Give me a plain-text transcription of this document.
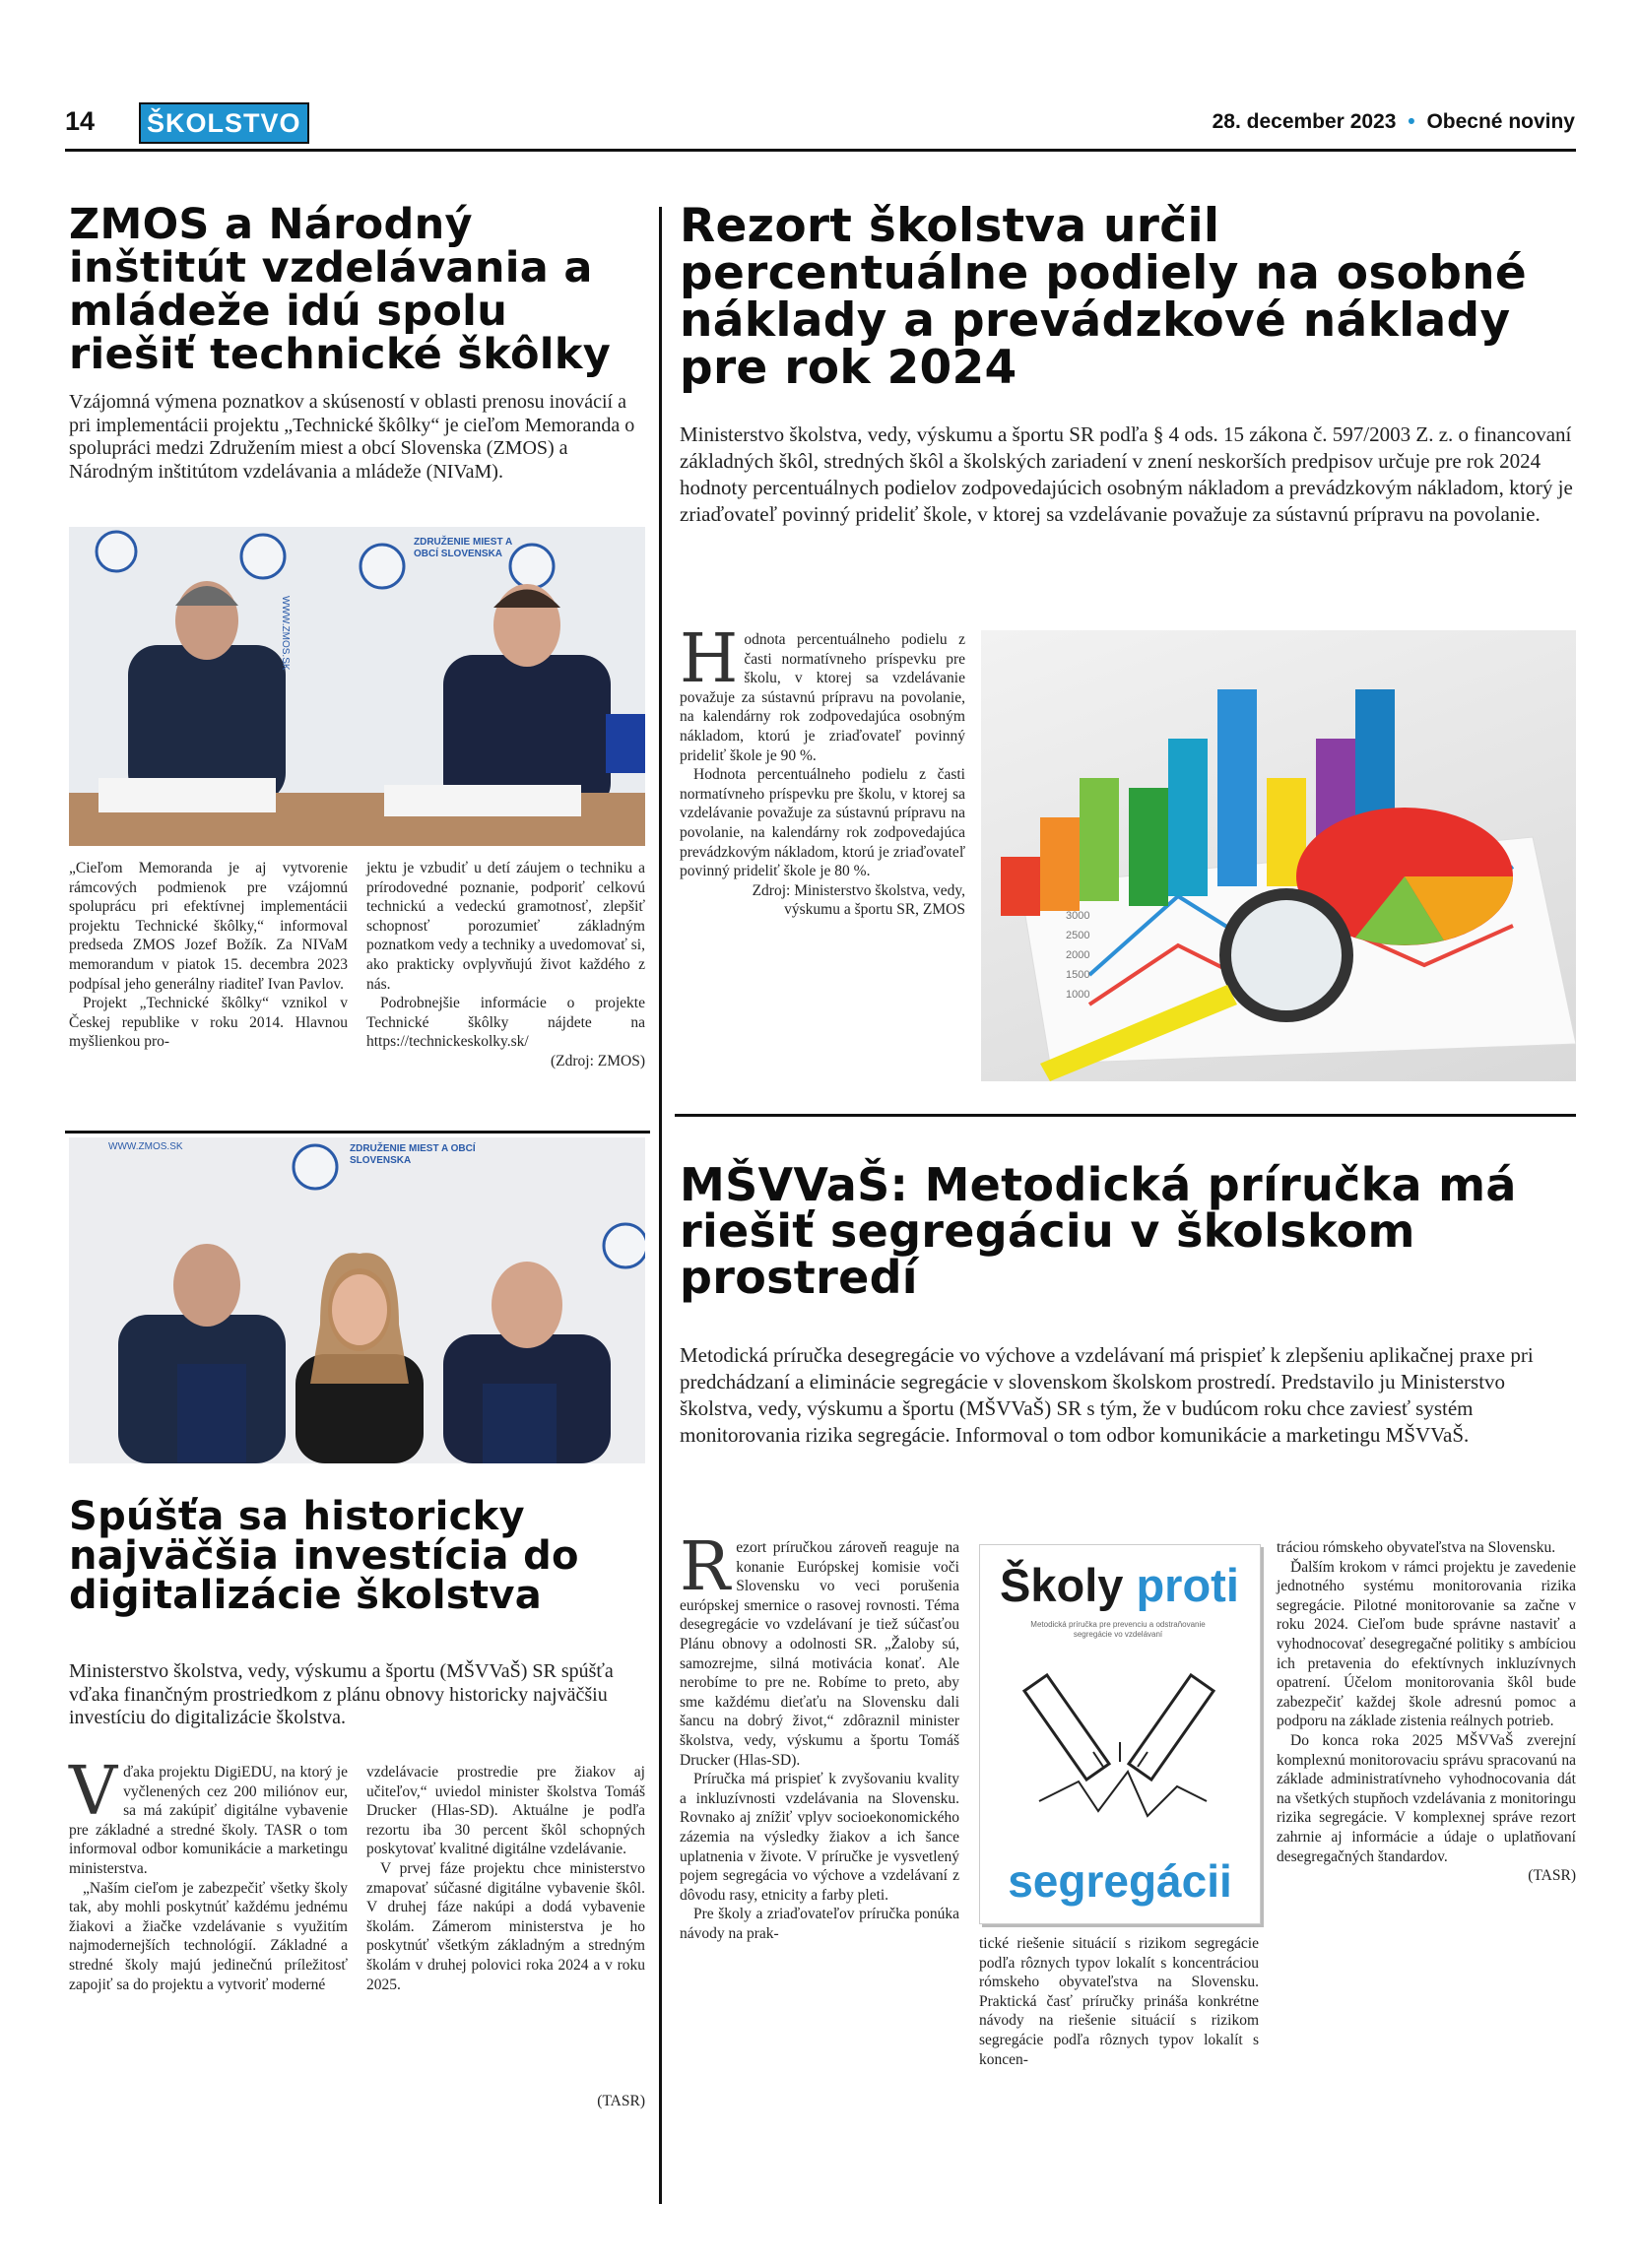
14 ŠKOLSTVO	28. december 2023 • Obecné noviny
ZMOS a Národný inštitút vzdelávania a mládeže idú spolu riešiť technické škôlky
Vzájomná výmena poznatkov a skúseností v oblasti prenosu inovácií a pri implementácii projektu „Technické škôlky“ je cieľom Memoranda o spolupráci medzi Združením miest a obcí Slovenska (ZMOS) a Národným inštitútom vzdelávania a mládeže (NIVaM).
ZDRUŽENIE MIEST A OBCÍ SLOVENSKA
WWW.ZMOS.SK

„Cieľom Memoranda je aj vytvorenie rámcových podmienok pre vzájomnú spoluprácu pri efektívnej implementácii projektu Technické škôlky,“ informoval predseda ZMOS Jozef Božík. Za NIVaM memorandum v piatok 15. decembra 2023 podpísal jeho generálny riaditeľ Ivan Pavlov.

Projekt „Technické škôlky“ vznikol v Českej republike v roku 2014. Hlavnou myšlienkou pro-

jektu je vzbudiť u detí záujem o techniku a prírodovedné poznanie, podporiť celkovú technickú a vedeckú gramotnosť, zlepšiť schopnosť porozumieť základným poznatkom vedy a techniky a uvedomovať si, ako prakticky ovplyvňujú život každého z nás.

Podrobnejšie informácie o projekte Technické škôlky nájdete na https://technickeskolky.sk/

(Zdroj: ZMOS)
ZDRUŽENIE MIEST A OBCÍ SLOVENSKA
WWW.ZMOS.SK
Spúšťa sa historicky najväčšia investícia do digitalizácie školstva
Ministerstvo školstva, vedy, výskumu a športu (MŠVVaŠ) SR spúšťa vďaka finančným prostriedkom z plánu obnovy historicky najväčšiu investíciu do digitalizácie školstva.

Vďaka projektu DigiEDU, na ktorý je vyčlenených cez 200 miliónov eur, sa má zakúpiť digitálne vybavenie pre základné a stredné školy. TASR o tom informoval odbor komunikácie a marketingu ministerstva.

„Naším cieľom je zabezpečiť všetky školy tak, aby mohli poskytnúť každému jednému žiakovi a žiačke vzdelávanie s využitím najmodernejších technológií. Základné a stredné školy majú jedinečnú príležitosť zapojiť sa do projektu a vytvoriť moderné

vzdelávacie prostredie pre žiakov aj učiteľov,“ uviedol minister školstva Tomáš Drucker (Hlas-SD). Aktuálne je podľa rezortu iba 30 percent škôl schopných poskytovať kvalitné digitálne vzdelávanie.

V prvej fáze projektu chce ministerstvo zmapovať súčasné digitálne vybavenie škôl. V druhej fáze nakúpi a dodá vybavenie školám. Zámerom ministerstva je ho poskytnúť všetkým základným a stredným školám v druhej polovici roka 2024 a v roku 2025.

(TASR)
Rezort školstva určil percentuálne podiely na osobné náklady a prevádzkové náklady pre rok 2024
Ministerstvo školstva, vedy, výskumu a športu SR podľa § 4 ods. 15 zákona č. 597/2003 Z. z. o financovaní základných škôl, stredných škôl a školských zariadení v znení neskorších predpisov určuje pre rok 2024 hodnoty percentuálnych podielov zodpovedajúcich osobným nákladom a prevádzkovým nákladom, ktorý je zriaďovateľ povinný prideliť škole, v ktorej sa vzdelávanie považuje za sústavnú prípravu na povolanie.

Hodnota percentuálneho podielu z časti normatívneho príspevku pre školu, v ktorej sa vzdelávanie považuje za sústavnú prípravu na povolanie, na kalendárny rok zodpovedajúca osobným nákladom, ktorú je zriaďovateľ povinný prideliť škole je 90 %.

Hodnota percentuálneho podielu z časti normatívneho príspevku pre školu, v ktorej sa vzdelávanie považuje za sústavnú prípravu na povolanie, na kalendárny rok zodpovedajúca prevádzkovým nákladom, ktorú je zriaďovateľ povinný prideliť škole je 80 %.

Zdroj: Ministerstvo školstva, vedy, výskumu a športu SR, ZMOS	3000
2500
2000
1500
1000
MŠVVaŠ: Metodická príručka má riešiť segregáciu v školskom prostredí
Metodická príručka desegregácie vo výchove a vzdelávaní má prispieť k zlepšeniu aplikačnej praxe pri predchádzaní a eliminácie segregácie v slovenskom školskom prostredí. Predstavilo ju Ministerstvo školstva, vedy, výskumu a športu (MŠVVaŠ) SR s tým, že v budúcom roku chce zaviesť systém monitorovania rizika segregácie. Informoval o tom odbor komunikácie a marketingu MŠVVaŠ.

Rezort príručkou zároveň reaguje na konanie Európskej komisie voči Slovensku vo veci porušenia európskej smernice o rasovej rovnosti. Téma desegregácie vo vzdelávaní je tiež súčasťou Plánu obnovy a odolnosti SR. „Žaloby sú, samozrejme, silná motivácia konať. Ale nerobíme to pre ne. Robíme to preto, aby sme každému dieťaťu na Slovensku dali šancu na dobrý život,“ zdôraznil minister školstva, vedy, výskumu a športu Tomáš Drucker (Hlas-SD).

Príručka má prispieť k zvyšovaniu kvality a inkluzívnosti vzdelávania na Slovensku. Rovnako aj znížiť vplyv socioekonomického zázemia na výsledky žiakov a ich šance uplatnenia v živote. V príručke je vysvetlený pojem segregácia vo výchove a vzdelávaní z dôvodu rasy, etnicity a farby pleti.

Pre školy a zriaďovateľov príručka ponúka návody na prak-

Školy proti
Metodická príručka pre prevenciu a odstraňovanie segregácie vo vzdelávaní
segregácii

tické riešenie situácií s rizikom segregácie podľa rôznych typov lokalít s koncentráciou rómskeho obyvateľstva na Slovensku. Praktická časť príručky prináša konkrétne návody na riešenie situácií s rizikom segregácie podľa rôznych typov lokalít s koncen-

tráciou rómskeho obyvateľstva na Slovensku.

Ďalším krokom v rámci projektu je zavedenie jednotného systému monitorovania rizika segregácie. Pilotné monitorovanie sa začne v roku 2024. Cieľom bude správne nastaviť a vyhodnocovať desegregačné politiky s ambíciou ich pretavenia do efektívnych inkluzívnych opatrení. Účelom monitorovania škôl bude zabezpečiť každej škole adresnú pomoc a podporu na základe zistenia reálnych potrieb.

Do konca roka 2025 MŠVVaŠ zverejní komplexnú monitorovaciu správu spracovanú na základe administratívneho vyhodnocovania dát na všetkých stupňoch vzdelávania z monitoringu rizika segregácie. V komplexnej správe rezort zahrnie aj informácie a údaje o uplatňovaní desegregačných štandardov.

(TASR)
